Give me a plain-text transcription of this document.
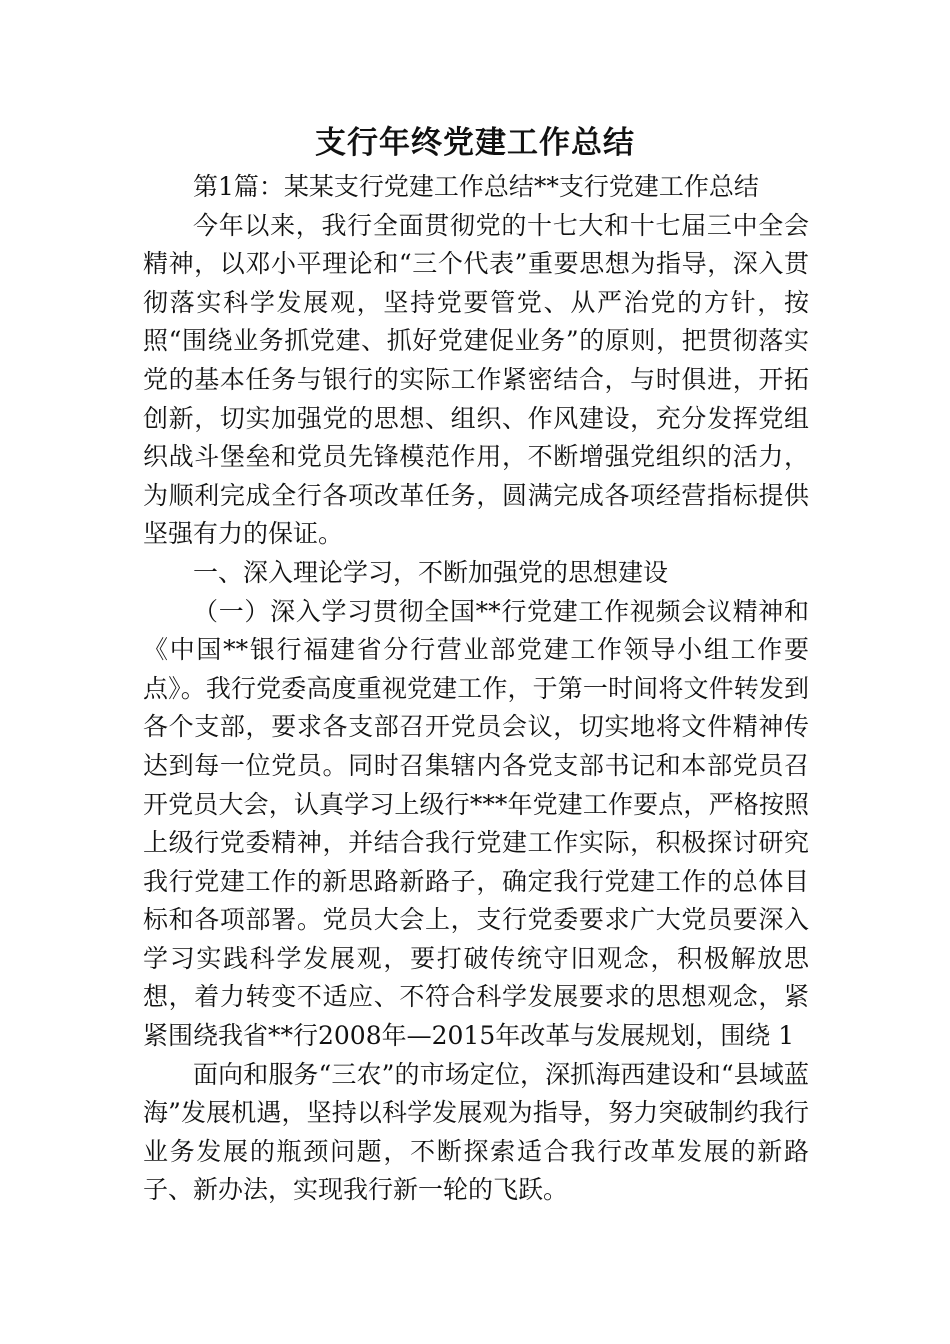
支行年终党建工作总结

第1篇：某某支行党建工作总结**支行党建工作总结

今年以来，我行全面贯彻党的十七大和十七届三中全会精神，以邓小平理论和“三个代表”重要思想为指导，深入贯彻落实科学发展观，坚持党要管党、从严治党的方针，按照“围绕业务抓党建、抓好党建促业务”的原则，把贯彻落实党的基本任务与银行的实际工作紧密结合，与时俱进，开拓创新，切实加强党的思想、组织、作风建设，充分发挥党组织战斗堡垒和党员先锋模范作用，不断增强党组织的活力，为顺利完成全行各项改革任务，圆满完成各项经营指标提供坚强有力的保证。

一、深入理论学习，不断加强党的思想建设

（一）深入学习贯彻全国**行党建工作视频会议精神和《中国**银行福建省分行营业部党建工作领导小组工作要点》。我行党委高度重视党建工作，于第一时间将文件转发到各个支部，要求各支部召开党员会议，切实地将文件精神传达到每一位党员。同时召集辖内各党支部书记和本部党员召开党员大会，认真学习上级行***年党建工作要点，严格按照上级行党委精神，并结合我行党建工作实际，积极探讨研究我行党建工作的新思路新路子，确定我行党建工作的总体目标和各项部署。党员大会上，支行党委要求广大党员要深入学习实践科学发展观，要打破传统守旧观念，积极解放思想，着力转变不适应、不符合科学发展要求的思想观念，紧紧围绕我省**行2008年—2015年改革与发展规划，围绕 1

面向和服务“三农”的市场定位，深抓海西建设和“县域蓝海”发展机遇，坚持以科学发展观为指导，努力突破制约我行业务发展的瓶颈问题，不断探索适合我行改革发展的新路子、新办法，实现我行新一轮的飞跃。
